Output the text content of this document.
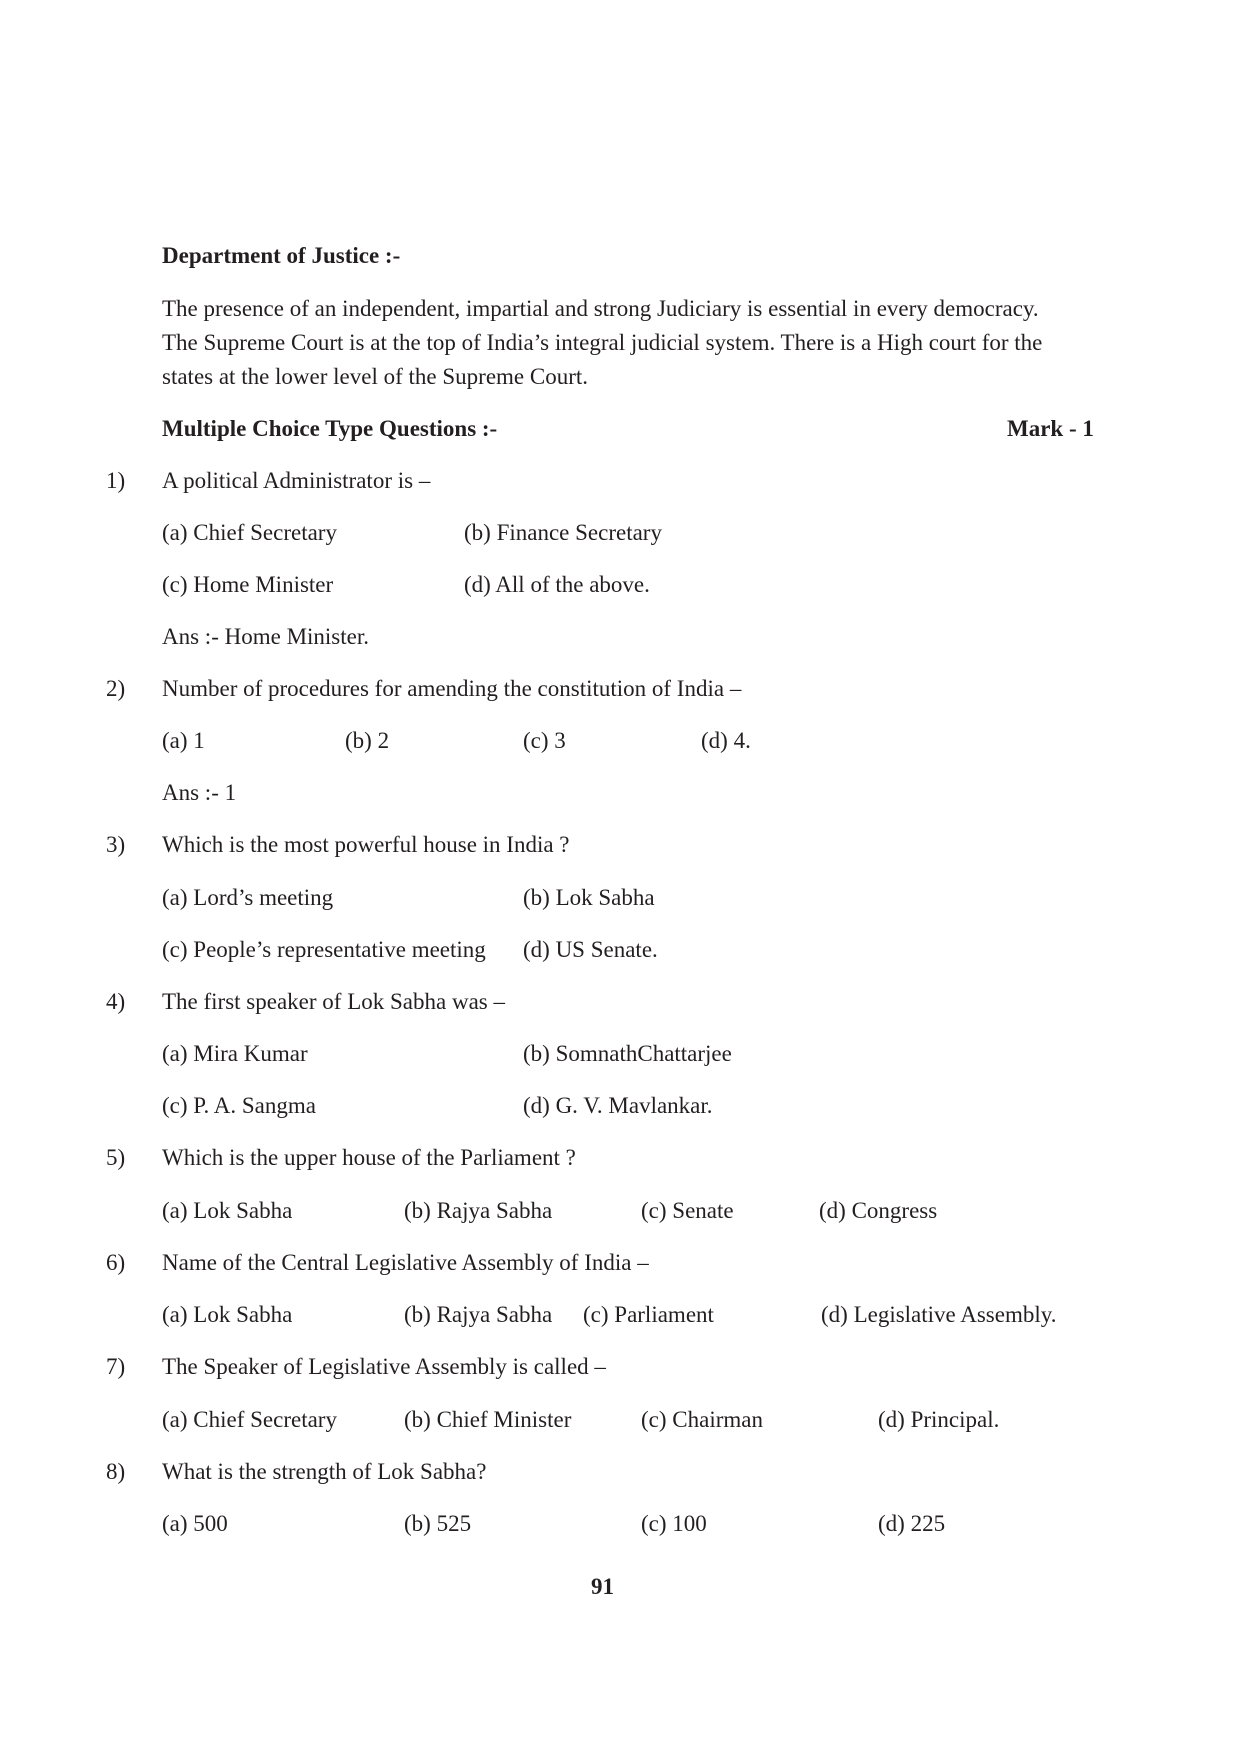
Department of Justice :-
The presence of an independent, impartial and strong Judiciary is essential in every democracy.
The Supreme Court is at the top of India’s integral judicial system. There is a High court for the
states at the lower level of the Supreme Court.
Multiple Choice Type Questions :-	Mark - 1
1) A political Administrator is –
(a) Chief Secretary	(b) Finance Secretary
(c) Home Minister	(d) All of the above.
Ans :- Home Minister.
2) Number of procedures for amending the constitution of India –
(a) 1	(b) 2	(c) 3	(d) 4.
Ans :- 1
3) Which is the most powerful house in India ?
(a) Lord’s meeting	(b) Lok Sabha
(c) People’s representative meeting (d) US Senate.
4) The first speaker of Lok Sabha was –
(a) Mira Kumar	(b) SomnathChattarjee
(c) P. A. Sangma	(d) G. V. Mavlankar.
5) Which is the upper house of the Parliament ?
(a) Lok Sabha	(b) Rajya Sabha	(c) Senate	(d) Congress
6) Name of the Central Legislative Assembly of India –
(a) Lok Sabha	(b) Rajya Sabha (c) Parliament	(d) Legislative Assembly.
7) The Speaker of Legislative Assembly is called –
(a) Chief Secretary	(b) Chief Minister	(c) Chairman	(d) Principal.
8) What is the strength of Lok Sabha?
(a) 500	(b) 525	(c) 100	(d) 225
91
